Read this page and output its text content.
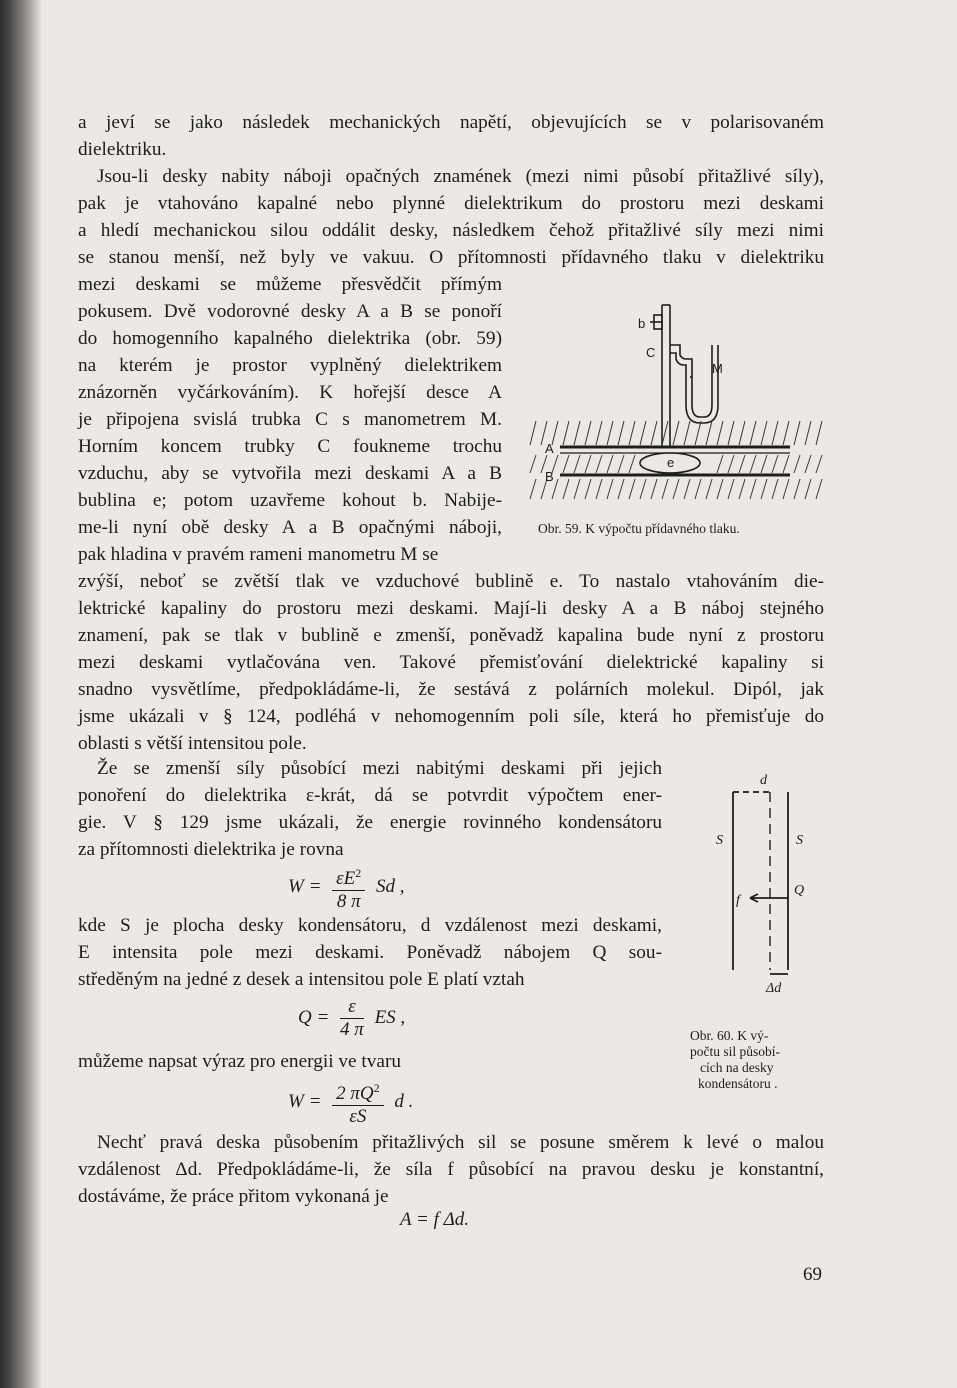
a jeví se jako následek mechanických napětí, objevujících se v polarisovaném
dielektriku.
Jsou-li desky nabity náboji opačných znamének (mezi nimi působí přitažlivé síly),
pak je vtahováno kapalné nebo plynné dielektrikum do prostoru mezi deskami
a hledí mechanickou silou oddálit desky, následkem čehož přitažlivé síly mezi nimi
se stanou menší, než byly ve vakuu. O přítomnosti přídavného tlaku v dielektriku
mezi deskami se můžeme přesvědčit přímým
pokusem. Dvě vodorovné desky A a B se ponoří
do homogenního kapalného dielektrika (obr. 59)
na kterém je prostor vyplněný dielektrikem
znázorněn vyčárkováním). K hořejší desce A
je připojena svislá trubka C s manometrem M.
Horním koncem trubky C foukneme trochu
vzduchu, aby se vytvořila mezi deskami A a B
bublina e; potom uzavřeme kohout b. Nabije-
me-li nyní obě desky A a B opačnými náboji,
pak hladina v pravém rameni manometru M se
b
C
M
A
B
e
Obr. 59. K výpočtu přídavného tlaku.
zvýší, neboť se zvětší tlak ve vzduchové bublině e. To nastalo vtahováním die-
lektrické kapaliny do prostoru mezi deskami. Mají-li desky A a B náboj stejného
znamení, pak se tlak v bublině e zmenší, poněvadž kapalina bude nyní z prostoru
mezi deskami vytlačována ven. Takové přemisťování dielektrické kapaliny si
snadno vysvětlíme, předpokládáme-li, že sestává z polárních molekul. Dipól, jak
jsme ukázali v § 124, podléhá v nehomogenním poli síle, která ho přemisťuje do
oblasti s větší intensitou pole.
Že se zmenší síly působící mezi nabitými deskami při jejich
ponoření do dielektrika ε-krát, dá se potvrdit výpočtem ener-
gie. V § 129 jsme ukázali, že energie rovinného kondensátoru
za přítomnosti dielektrika je rovna
$W = \frac{\varepsilon E^2}{8 \pi}$ Sd ,
kde S je plocha desky kondensátoru, d vzdálenost mezi deskami,
E intensita pole mezi deskami. Poněvadž nábojem Q sou-
středěným na jedné z desek a intensitou pole E platí vztah
$Q = \frac{\varepsilon}{4 \pi}$ ES ,
můžeme napsat výraz pro energii ve tvaru
$W = \frac{2 \pi Q^2}{\varepsilon S}$ d .
d
S	S
Q
f
Δd
Obr. 60. K vý-
počtu sil působí-
cích na desky
kondensátoru .
Nechť pravá deska působením přitažlivých sil se posune směrem k levé o malou
vzdálenost Δd. Předpokládáme-li, že síla f působící na pravou desku je konstantní,
dostáváme, že práce přitom vykonaná je
A = f Δd.
69
